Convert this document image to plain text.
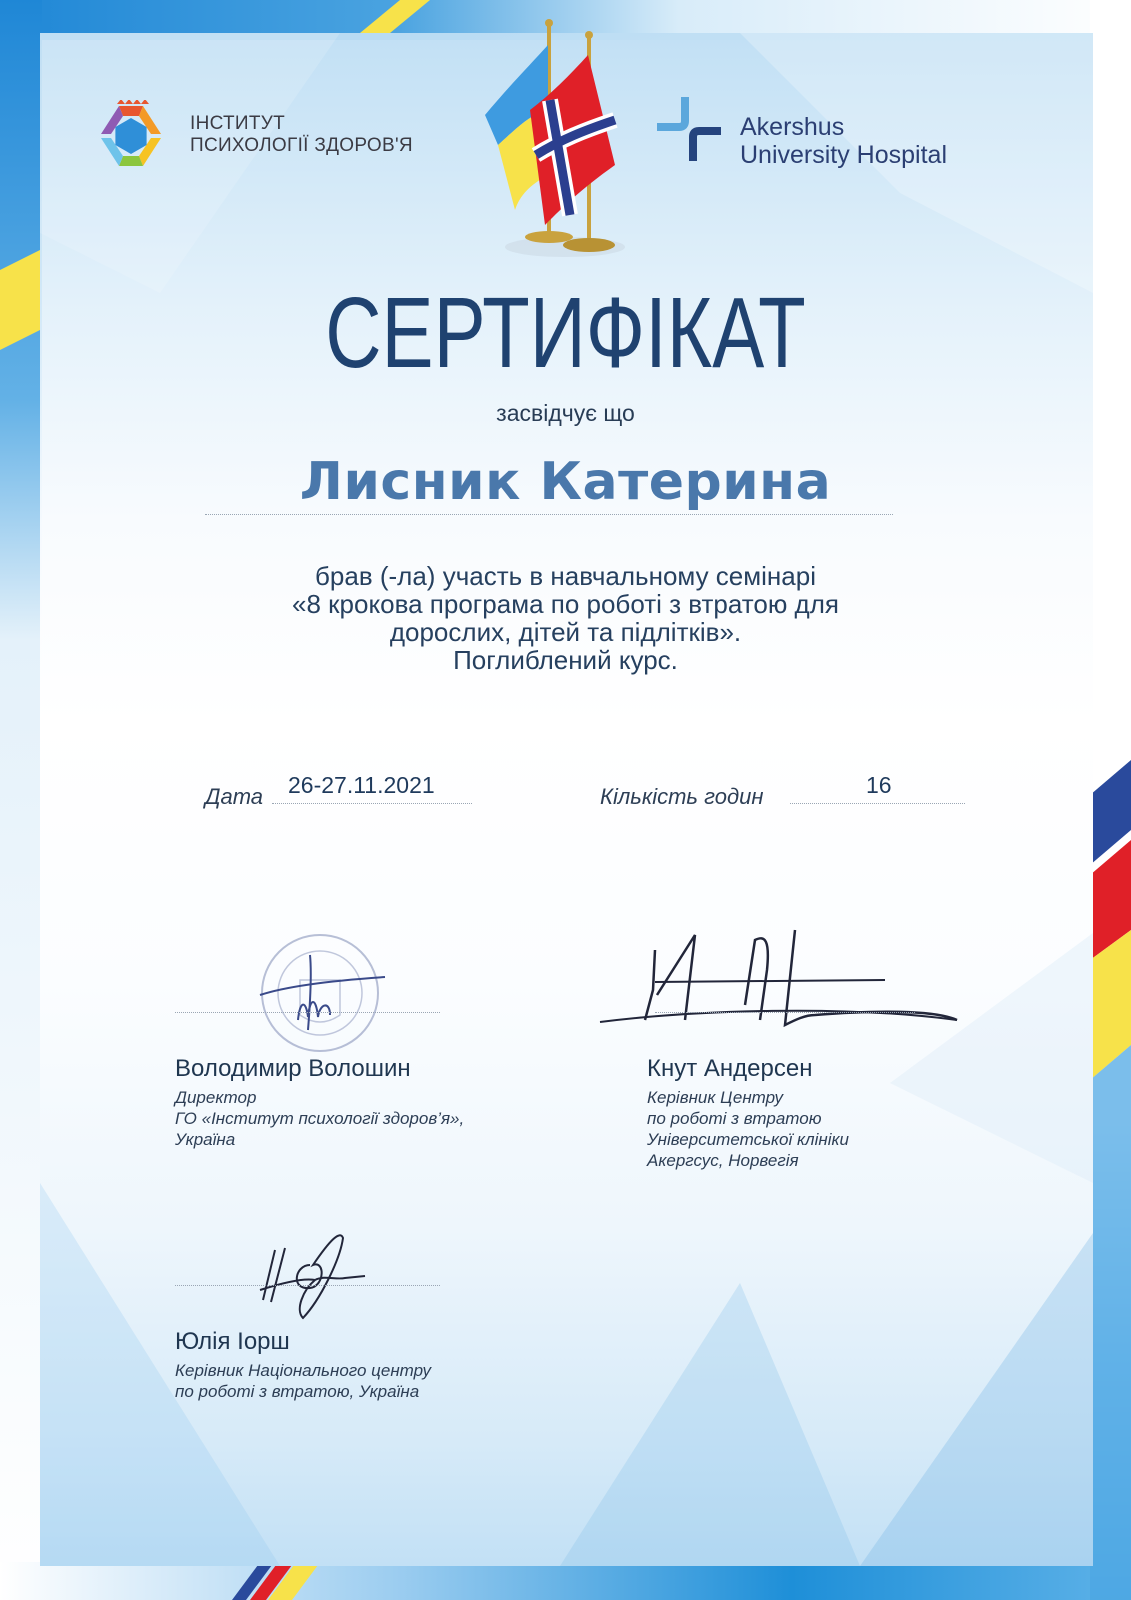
ІНСТИТУТ
ПСИХОЛОГІЇ ЗДОРОВ'Я
Akershus
University Hospital
СЕРТИФІКАТ
засвідчує що
Лисник Катерина
брав (-ла) участь в навчальному семінарі
«8 крокова програма по роботі з втратою для
дорослих, дітей та підлітків».
Поглиблений курс.
Дата 26-27.11.2021	Кількість годин	16
Володимир Волошин
Директор
ГО «Інститут психології здоров’я»,
Україна
Кнут Андерсен
Керівник Центру
по роботі з втратою
Університетської клініки
Акергсус, Норвегія
Юлія Іорш
Керівник Національного центру
по роботі з втратою, Україна
